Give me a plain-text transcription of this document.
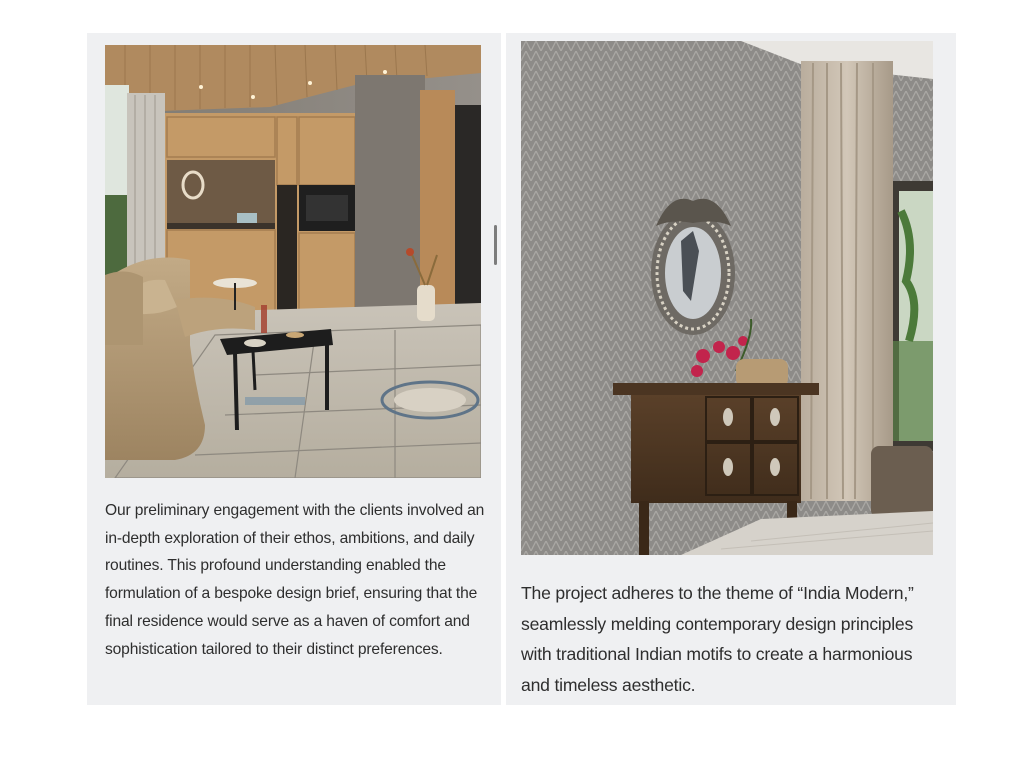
Our preliminary engagement with the clients involved an in-depth exploration of their ethos, ambitions, and daily routines. This profound understanding enabled the formulation of a bespoke design brief, ensuring that the final residence would serve as a haven of comfort and sophistication tailored to their distinct preferences.

The project adheres to the theme of “India Modern,” seamlessly melding contemporary design principles with traditional Indian motifs to create a harmonious and timeless aesthetic.
